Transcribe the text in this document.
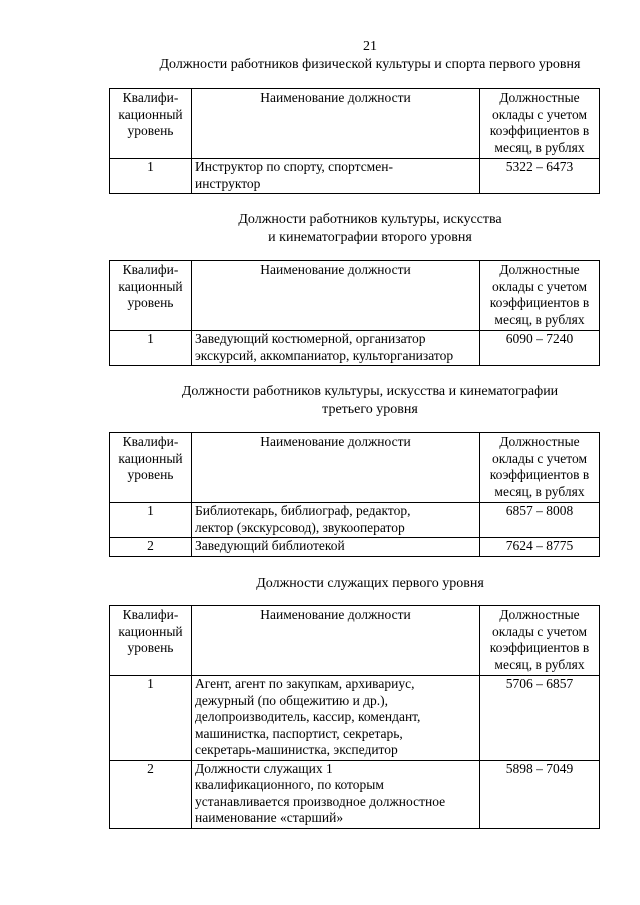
21
Должности работников физической культуры и спорта первого уровня
Квалифи-
кационный
уровень	Наименование должности	Должностные
оклады с учетом
коэффициентов в
месяц, в рублях

1	Инструктор по спорту, спортсмен-
инструктор	5322 – 6473
Должности работников культуры, искусства
и кинематографии второго уровня
Квалифи-
кационный
уровень	Наименование должности	Должностные
оклады с учетом
коэффициентов в
месяц, в рублях

1	Заведующий костюмерной, организатор
экскурсий, аккомпаниатор, культорганизатор	6090 – 7240
Должности работников культуры, искусства и кинематографии
третьего уровня
Квалифи-
кационный
уровень	Наименование должности	Должностные
оклады с учетом
коэффициентов в
месяц, в рублях

1	Библиотекарь, библиограф, редактор,
лектор (экскурсовод), звукооператор	6857 – 8008
2	Заведующий библиотекой	7624 – 8775
Должности служащих первого уровня
Квалифи-
кационный
уровень	Наименование должности	Должностные
оклады с учетом
коэффициентов в
месяц, в рублях

1	Агент, агент по закупкам, архивариус,
дежурный (по общежитию и др.),
делопроизводитель, кассир, комендант,
машинистка, паспортист, секретарь,
секретарь-машинистка, экспедитор	5706 – 6857
2	Должности служащих 1
квалификационного, по которым
устанавливается производное должностное
наименование «старший»	5898 – 7049
